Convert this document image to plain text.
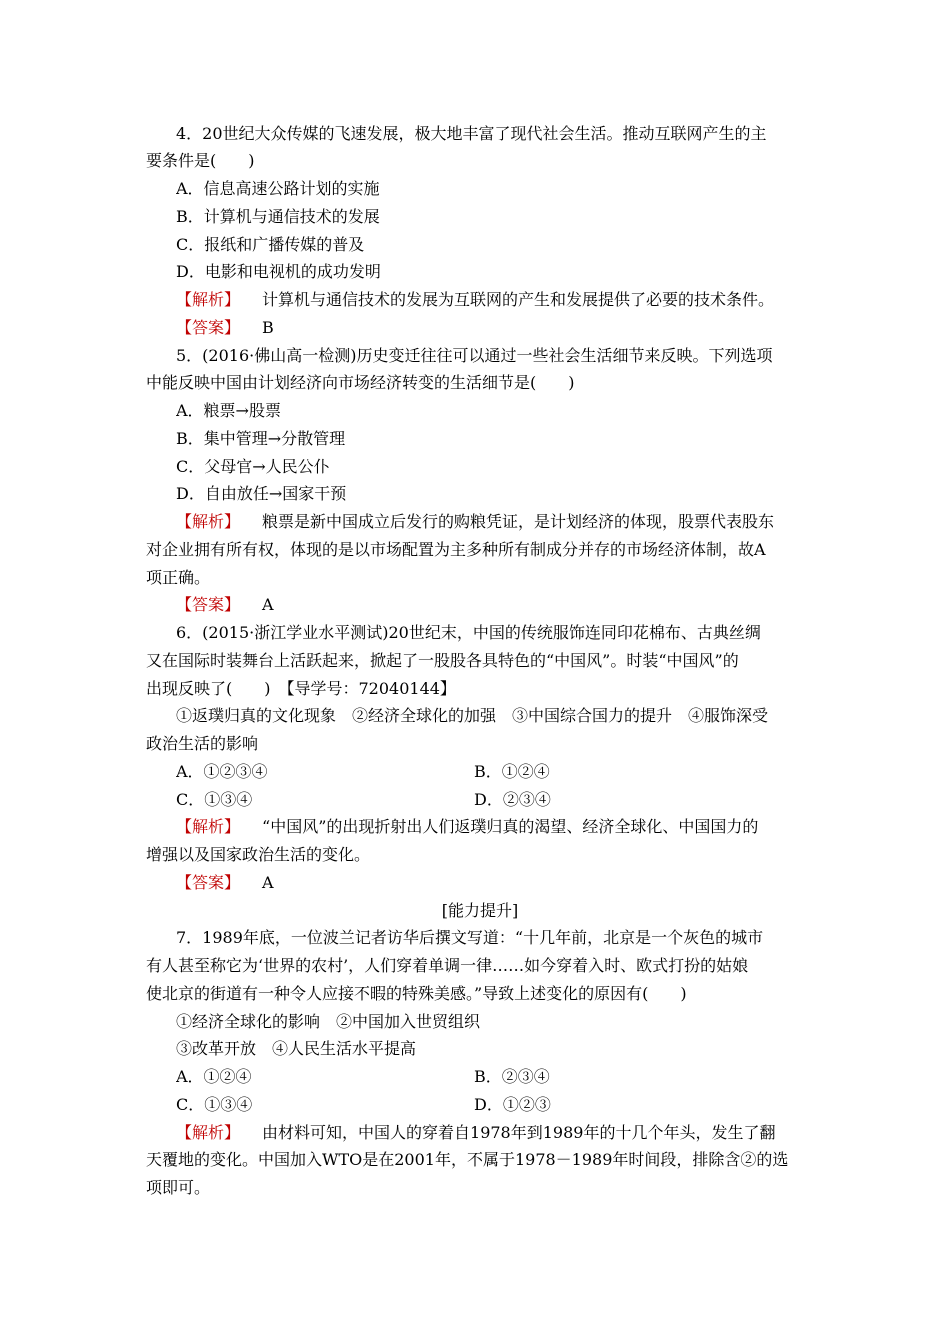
4．20世纪大众传媒的飞速发展，极大地丰富了现代社会生活。推动互联网产生的主
要条件是(　　)
A．信息高速公路计划的实施
B．计算机与通信技术的发展
C．报纸和广播传媒的普及
D．电影和电视机的成功发明
【解析】 计算机与通信技术的发展为互联网的产生和发展提供了必要的技术条件。
【答案】 B
5．(2016·佛山高一检测)历史变迁往往可以通过一些社会生活细节来反映。下列选项
中能反映中国由计划经济向市场经济转变的生活细节是(　　)
A．粮票→股票
B．集中管理→分散管理
C．父母官→人民公仆
D．自由放任→国家干预
【解析】 粮票是新中国成立后发行的购粮凭证，是计划经济的体现，股票代表股东
对企业拥有所有权，体现的是以市场配置为主多种所有制成分并存的市场经济体制，故A
项正确。
【答案】 A
6．(2015·浙江学业水平测试)20世纪末，中国的传统服饰连同印花棉布、古典丝绸
又在国际时装舞台上活跃起来，掀起了一股股各具特色的“中国风”。时装“中国风”的
出现反映了(　　)　【导学号：72040144】
①返璞归真的文化现象　②经济全球化的加强　③中国综合国力的提升　④服饰深受
政治生活的影响
A．①②③④	B．①②④
C．①③④	D．②③④
【解析】 “中国风”的出现折射出人们返璞归真的渴望、经济全球化、中国国力的
增强以及国家政治生活的变化。
【答案】 A
[能力提升]
7．1989年底，一位波兰记者访华后撰文写道：“十几年前，北京是一个灰色的城市
有人甚至称它为‘世界的农村’，人们穿着单调一律……如今穿着入时、欧式打扮的姑娘
使北京的街道有一种令人应接不暇的特殊美感。”导致上述变化的原因有(　　)
①经济全球化的影响　②中国加入世贸组织
③改革开放　④人民生活水平提高
A．①②④	B．②③④
C．①③④	D．①②③
【解析】 由材料可知，中国人的穿着自1978年到1989年的十几个年头，发生了翻
天覆地的变化。中国加入WTO是在2001年，不属于1978－1989年时间段，排除含②的选
项即可。
